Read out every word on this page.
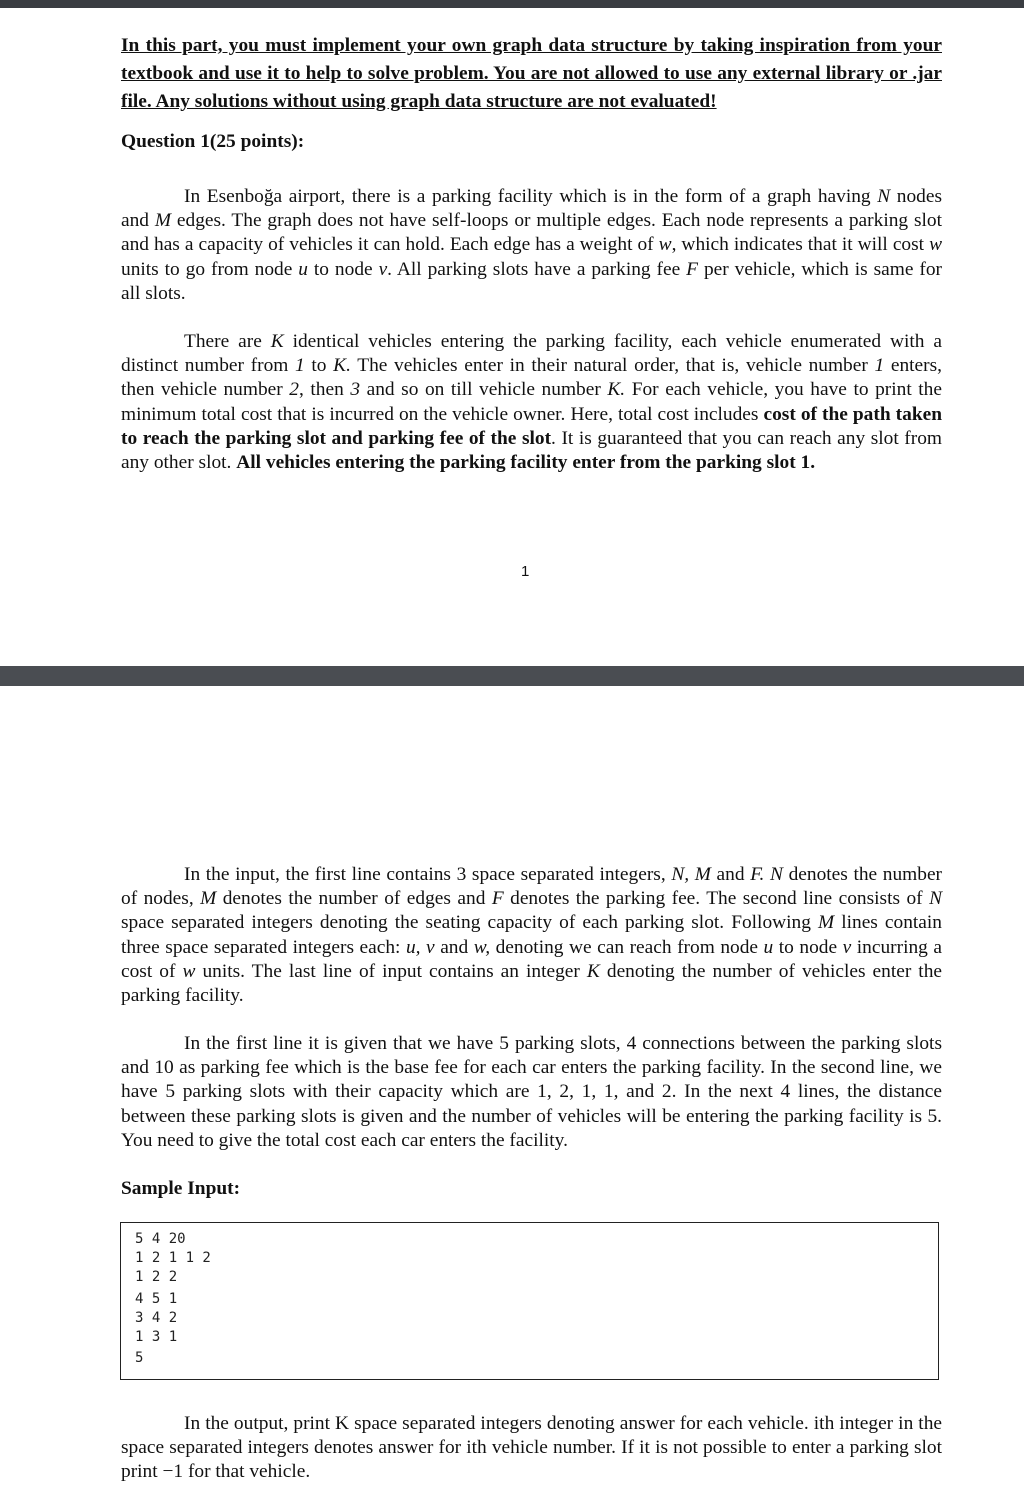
In this part, you must implement your own graph data structure by taking inspiration from your textbook and use it to help to solve problem. You are not allowed to use any external library or .jar file. Any solutions without using graph data structure are not evaluated!

Question 1(25 points):

In Esenboğa airport, there is a parking facility which is in the form of a graph having N nodes and M edges. The graph does not have self-loops or multiple edges. Each node represents a parking slot and has a capacity of vehicles it can hold. Each edge has a weight of w, which indicates that it will cost w units to go from node u to node v. All parking slots have a parking fee F per vehicle, which is same for all slots.

There are K identical vehicles entering the parking facility, each vehicle enumerated with a distinct number from 1 to K. The vehicles enter in their natural order, that is, vehicle number 1 enters, then vehicle number 2, then 3 and so on till vehicle number K. For each vehicle, you have to print the minimum total cost that is incurred on the vehicle owner. Here, total cost includes cost of the path taken to reach the parking slot and parking fee of the slot. It is guaranteed that you can reach any slot from any other slot. All vehicles entering the parking facility enter from the parking slot 1.

1

In the input, the first line contains 3 space separated integers, N, M and F. N denotes the number of nodes, M denotes the number of edges and F denotes the parking fee. The second line consists of N space separated integers denoting the seating capacity of each parking slot. Following M lines contain three space separated integers each: u, v and w, denoting we can reach from node u to node v incurring a cost of w units. The last line of input contains an integer K denoting the number of vehicles enter the parking facility.

In the first line it is given that we have 5 parking slots, 4 connections between the parking slots and 10 as parking fee which is the base fee for each car enters the parking facility. In the second line, we have 5 parking slots with their capacity which are 1, 2, 1, 1, and 2. In the next 4 lines, the distance between these parking slots is given and the number of vehicles will be entering the parking facility is 5. You need to give the total cost each car enters the facility.

Sample Input:

5 4 20
1 2 1 1 2
1 2 2
4 5 1
3 4 2
1 3 1
5

In the output, print K space separated integers denoting answer for each vehicle. ith integer in the space separated integers denotes answer for ith vehicle number. If it is not possible to enter a parking slot print −1 for that vehicle.
